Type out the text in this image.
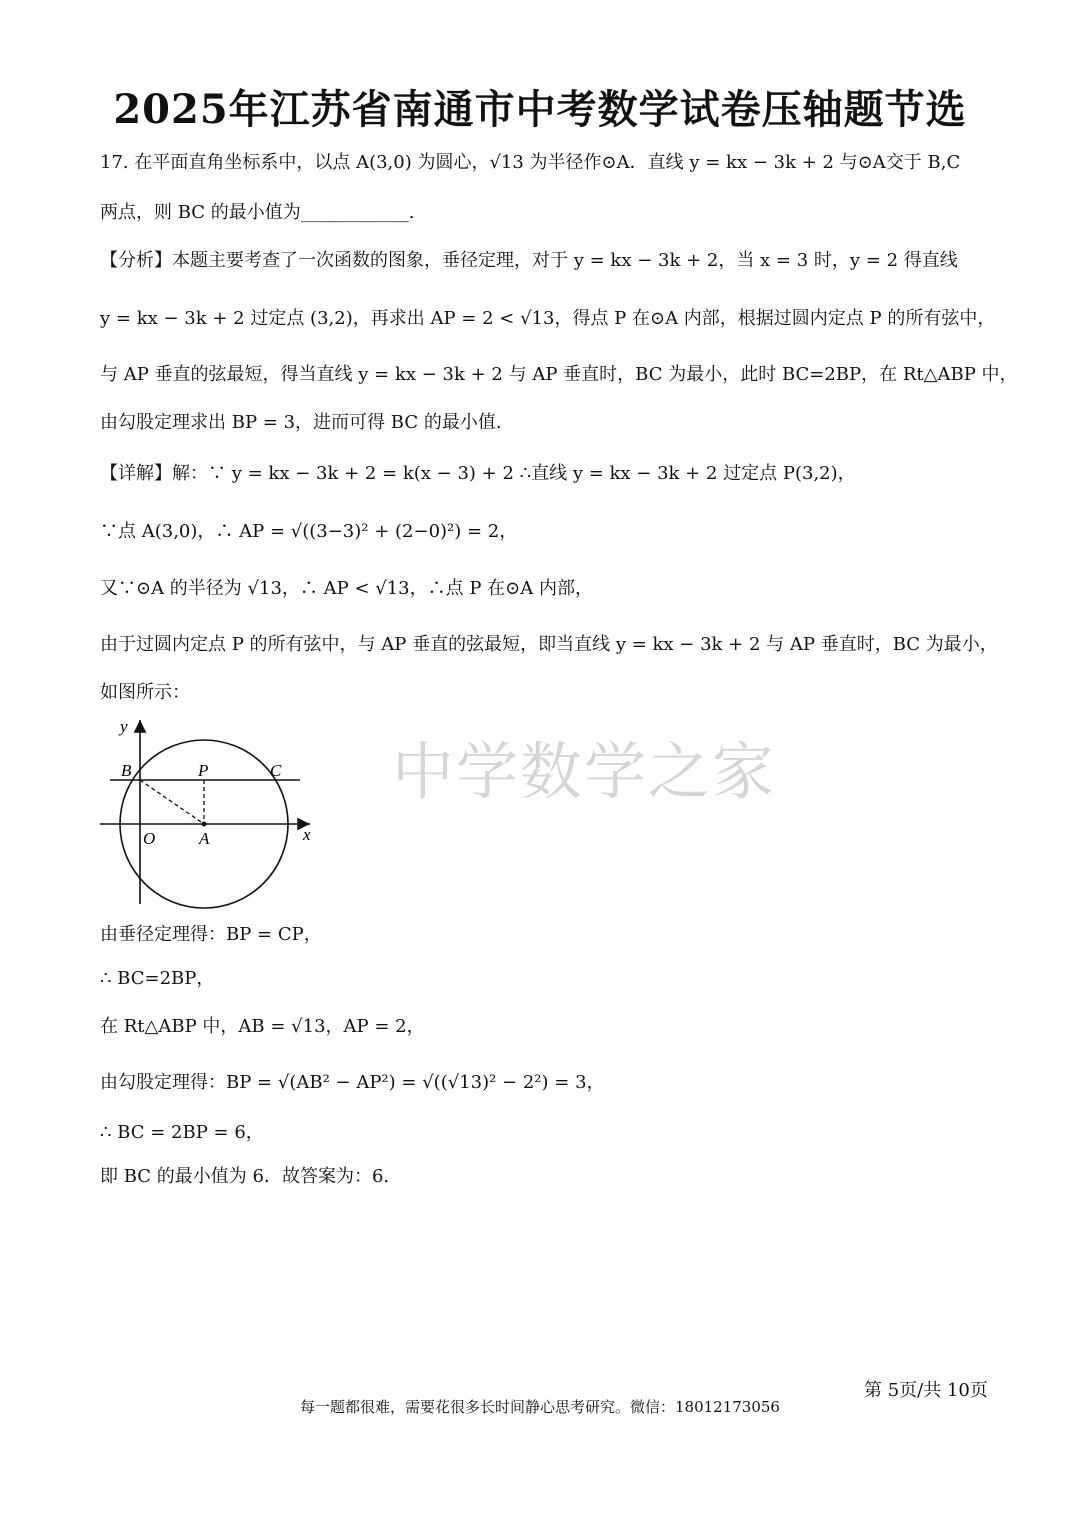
2025年江苏省南通市中考数学试卷压轴题节选
17. 在平面直角坐标系中，以点 A(3,0) 为圆心，√13 为半径作⊙A．直线 y = kx − 3k + 2 与⊙A交于 B,C
两点，则 BC 的最小值为____________.
【分析】本题主要考查了一次函数的图象，垂径定理，对于 y = kx − 3k + 2，当 x = 3 时，y = 2 得直线
y = kx − 3k + 2 过定点 (3,2)，再求出 AP = 2 < √13，得点 P 在⊙A 内部，根据过圆内定点 P 的所有弦中，
与 AP 垂直的弦最短，得当直线 y = kx − 3k + 2 与 AP 垂直时，BC 为最小，此时 BC=2BP，在 Rt△ABP 中，
由勾股定理求出 BP = 3，进而可得 BC 的最小值.
【详解】解：∵ y = kx − 3k + 2 = k(x − 3) + 2 ∴直线 y = kx − 3k + 2 过定点 P(3,2)，
∵点 A(3,0)，∴ AP = √((3−3)² + (2−0)²) = 2，
又∵⊙A 的半径为 √13，∴ AP < √13，∴点 P 在⊙A 内部，
由于过圆内定点 P 的所有弦中，与 AP 垂直的弦最短，即当直线 y = kx − 3k + 2 与 AP 垂直时，BC 为最小，
如图所示：
中学数学之家
y
B	P	C
O	A	x
由垂径定理得：BP = CP，
∴ BC=2BP，
在 Rt△ABP 中，AB = √13，AP = 2，
由勾股定理得：BP = √(AB² − AP²) = √((√13)² − 2²) = 3，
∴ BC = 2BP = 6，
即 BC 的最小值为 6．故答案为：6.
第 5页/共 10页
每一题都很难，需要花很多长时间静心思考研究。微信：18012173056
